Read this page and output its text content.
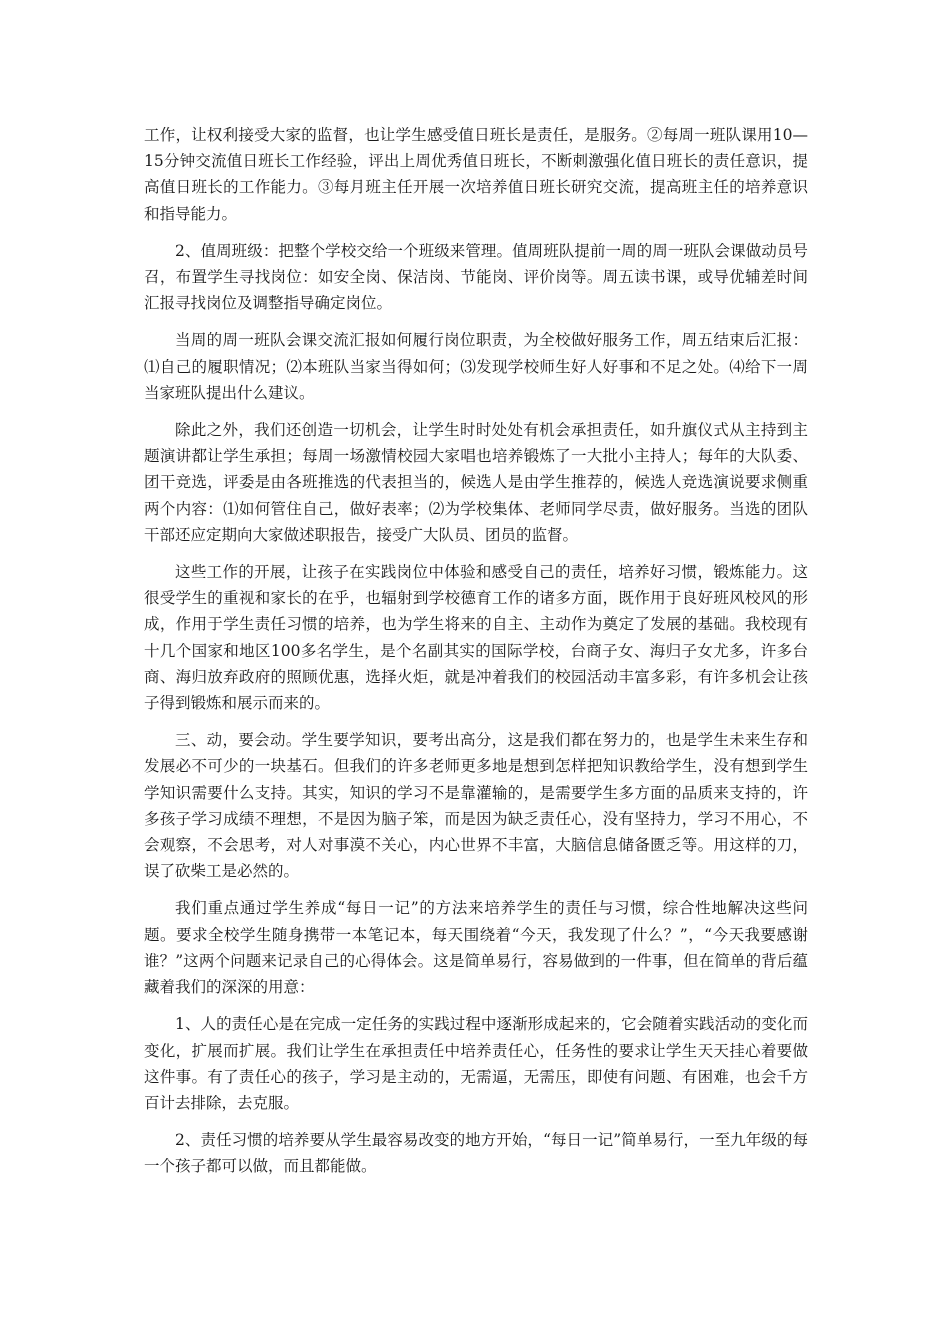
工作，让权利接受大家的监督，也让学生感受值日班长是责任，是服务。②每周一班队课用10—15分钟交流值日班长工作经验，评出上周优秀值日班长，不断刺激强化值日班长的责任意识，提高值日班长的工作能力。③每月班主任开展一次培养值日班长研究交流，提高班主任的培养意识和指导能力。

2、值周班级：把整个学校交给一个班级来管理。值周班队提前一周的周一班队会课做动员号召，布置学生寻找岗位：如安全岗、保洁岗、节能岗、评价岗等。周五读书课，或导优辅差时间汇报寻找岗位及调整指导确定岗位。

当周的周一班队会课交流汇报如何履行岗位职责，为全校做好服务工作，周五结束后汇报：⑴自己的履职情况；⑵本班队当家当得如何；⑶发现学校师生好人好事和不足之处。⑷给下一周当家班队提出什么建议。

除此之外，我们还创造一切机会，让学生时时处处有机会承担责任，如升旗仪式从主持到主题演讲都让学生承担；每周一场激情校园大家唱也培养锻炼了一大批小主持人；每年的大队委、团干竞选，评委是由各班推选的代表担当的，候选人是由学生推荐的，候选人竞选演说要求侧重两个内容：⑴如何管住自己，做好表率；⑵为学校集体、老师同学尽责，做好服务。当选的团队干部还应定期向大家做述职报告，接受广大队员、团员的监督。

这些工作的开展，让孩子在实践岗位中体验和感受自己的责任，培养好习惯，锻炼能力。这很受学生的重视和家长的在乎，也辐射到学校德育工作的诸多方面，既作用于良好班风校风的形成，作用于学生责任习惯的培养，也为学生将来的自主、主动作为奠定了发展的基础。我校现有十几个国家和地区100多名学生，是个名副其实的国际学校，台商子女、海归子女尤多，许多台商、海归放弃政府的照顾优惠，选择火炬，就是冲着我们的校园活动丰富多彩，有许多机会让孩子得到锻炼和展示而来的。

三、动，要会动。学生要学知识，要考出高分，这是我们都在努力的，也是学生未来生存和发展必不可少的一块基石。但我们的许多老师更多地是想到怎样把知识教给学生，没有想到学生学知识需要什么支持。其实，知识的学习不是靠灌输的，是需要学生多方面的品质来支持的，许多孩子学习成绩不理想，不是因为脑子笨，而是因为缺乏责任心，没有坚持力，学习不用心，不会观察，不会思考，对人对事漠不关心，内心世界不丰富，大脑信息储备匮乏等。用这样的刀，误了砍柴工是必然的。

我们重点通过学生养成“每日一记”的方法来培养学生的责任与习惯，综合性地解决这些问题。要求全校学生随身携带一本笔记本，每天围绕着“今天，我发现了什么？”，“今天我要感谢谁？”这两个问题来记录自己的心得体会。这是简单易行，容易做到的一件事，但在简单的背后蕴藏着我们的深深的用意：

1、人的责任心是在完成一定任务的实践过程中逐渐形成起来的，它会随着实践活动的变化而变化，扩展而扩展。我们让学生在承担责任中培养责任心，任务性的要求让学生天天挂心着要做这件事。有了责任心的孩子，学习是主动的，无需逼，无需压，即使有问题、有困难，也会千方百计去排除，去克服。

2、责任习惯的培养要从学生最容易改变的地方开始，“每日一记”简单易行，一至九年级的每一个孩子都可以做，而且都能做。
